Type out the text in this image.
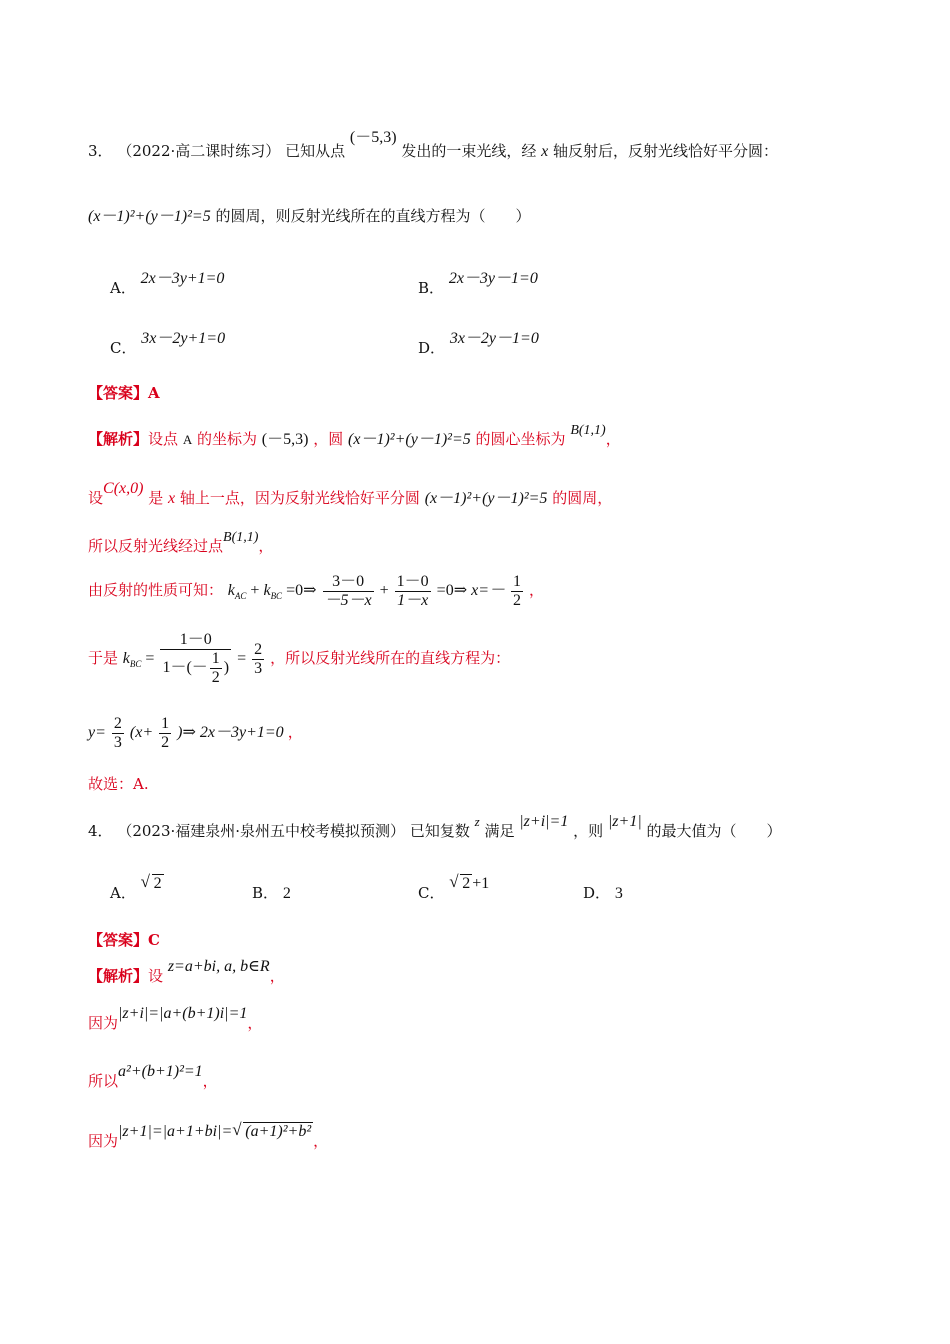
3． （2022·高二课时练习） 已知从点 (－5,3) 发出的一束光线，经 x 轴反射后，反射光线恰好平分圆：
(x－1)²+(y－1)²=5 的圆周，则反射光线所在的直线方程为（　　）
A． 2x－3y+1=0
B． 2x－3y－1=0
C． 3x－2y+1=0
D． 3x－2y－1=0
【答案】A
【解析】设点 A 的坐标为 (－5,3) ，圆 (x－1)²+(y－1)²=5 的圆心坐标为 B(1,1)，
设C(x,0) 是 x 轴上一点，因为反射光线恰好平分圆 (x－1)²+(y－1)²=5 的圆周，
所以反射光线经过点B(1,1)，
由反射的性质可知： $k_{AC} + k_{BC}$ =0⇒ $\frac{3-0}{-5-x} + \frac{1-0}{1-x}$ =0⇒ $x=- \frac{1}{2}$ ，
于是 $k_{BC} = \frac{1-0}{1-(- \frac{1}{2} )} = \frac{2}{3}$ ，所以反射光线所在的直线方程为：
$y= \frac{2}{3} (x+ \frac{1}{2}$ )⇒ 2x－3y+1=0 ，
故选：A.
4． （2023·福建泉州·泉州五中校考模拟预测） 已知复数 z 满足 |z+i|=1 ，则 |z+1| 的最大值为（　　）
A． √ 2
B． 2	C． √ 2 +1
D． 3
【答案】C
【解析】设 z=a+bi, a, b∈R，
因为|z+i|=|a+(b+1)i|=1，
所以a²+(b+1)²=1，
因为|z+1|=|a+1+bi|=√ (a+1)²+b²，
